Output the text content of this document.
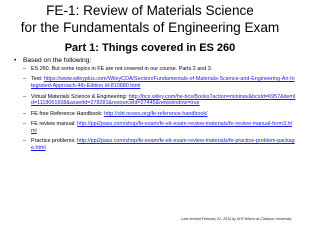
FE-1: Review of Materials Science
for the Fundamentals of Engineering Exam
Part 1: Things covered in ES 260
• Based on the following:
– ES 260. But some topics in FE are not covered in our course. Parts 2 and 3.
– Text: https://www.wileyplus.com/WileyCDA/Section/Fundamentals-of-Materials-Science-and-Engineering-An-Integrated-Approach-4th-Edition.id-810680.html
– Virtual Materials Science & Engineering: http://bcs.wiley.com/he-bcs/Books?action=mininav&bcsId=6957&itemId=1118061608&assetId=278281&resourceId=27445&newwindow=true
– FE free Reference Handbook: http://cbt.ncees.org/fe-reference-handbook/
– FE review manual: http://ppi2pass.com/shop/fe-exam/fe-eit-exam-review-materials/fe-review-manual-ferm3.html
– Practice problems: http://ppi2pass.com/shop/fe-exam/fe-eit-exam-review-materials/fe-practice-problem-package.html
Last revised February 22, 2014 by W.R.Wilcox at Clarkson University.
